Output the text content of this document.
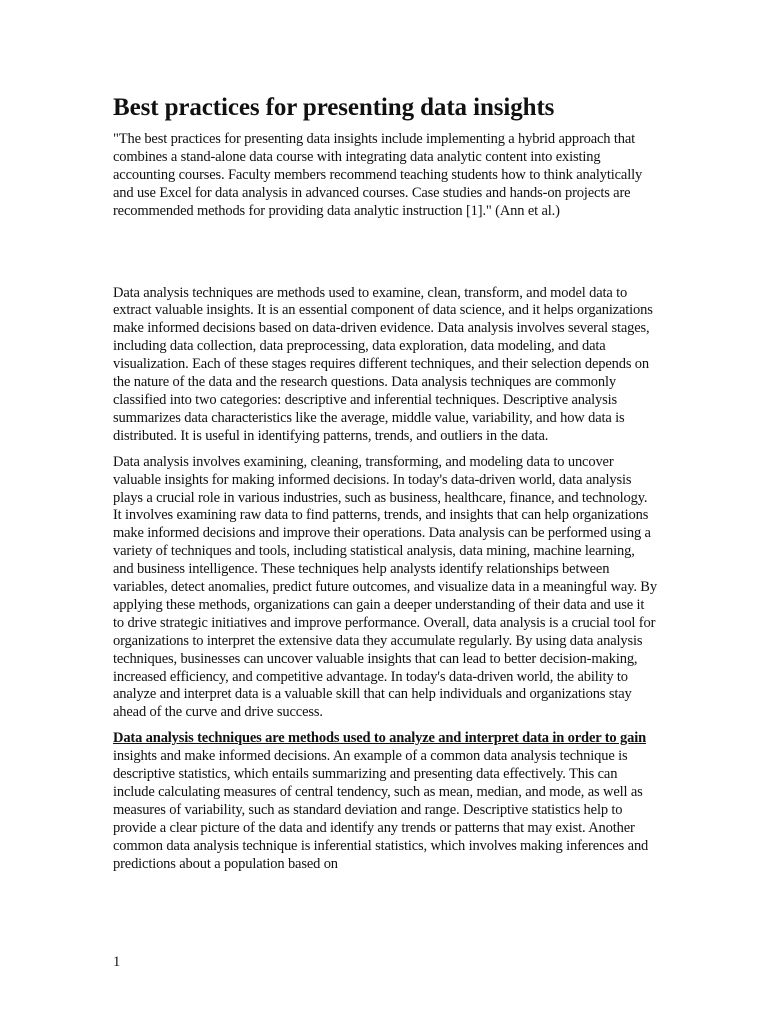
Best practices for presenting data insights

"The best practices for presenting data insights include implementing a hybrid approach that combines a stand-alone data course with integrating data analytic content into existing accounting courses. Faculty members recommend teaching students how to think analytically and use Excel for data analysis in advanced courses. Case studies and hands-on projects are recommended methods for providing data analytic instruction [1]." (Ann et al.)

Data analysis techniques are methods used to examine, clean, transform, and model data to extract valuable insights. It is an essential component of data science, and it helps organizations make informed decisions based on data-driven evidence. Data analysis involves several stages, including data collection, data preprocessing, data exploration, data modeling, and data visualization. Each of these stages requires different techniques, and their selection depends on the nature of the data and the research questions. Data analysis techniques are commonly classified into two categories: descriptive and inferential techniques. Descriptive analysis summarizes data characteristics like the average, middle value, variability, and how data is distributed. It is useful in identifying patterns, trends, and outliers in the data.

Data analysis involves examining, cleaning, transforming, and modeling data to uncover valuable insights for making informed decisions. In today's data-driven world, data analysis plays a crucial role in various industries, such as business, healthcare, finance, and technology. It involves examining raw data to find patterns, trends, and insights that can help organizations make informed decisions and improve their operations. Data analysis can be performed using a variety of techniques and tools, including statistical analysis, data mining, machine learning, and business intelligence. These techniques help analysts identify relationships between variables, detect anomalies, predict future outcomes, and visualize data in a meaningful way. By applying these methods, organizations can gain a deeper understanding of their data and use it to drive strategic initiatives and improve performance. Overall, data analysis is a crucial tool for organizations to interpret the extensive data they accumulate regularly. By using data analysis techniques, businesses can uncover valuable insights that can lead to better decision-making, increased efficiency, and competitive advantage. In today's data-driven world, the ability to analyze and interpret data is a valuable skill that can help individuals and organizations stay ahead of the curve and drive success.

Data analysis techniques are methods used to analyze and interpret data in order to gain insights and make informed decisions. An example of a common data analysis technique is descriptive statistics, which entails summarizing and presenting data effectively. This can include calculating measures of central tendency, such as mean, median, and mode, as well as measures of variability, such as standard deviation and range. Descriptive statistics help to provide a clear picture of the data and identify any trends or patterns that may exist. Another common data analysis technique is inferential statistics, which involves making inferences and predictions about a population based on

1
